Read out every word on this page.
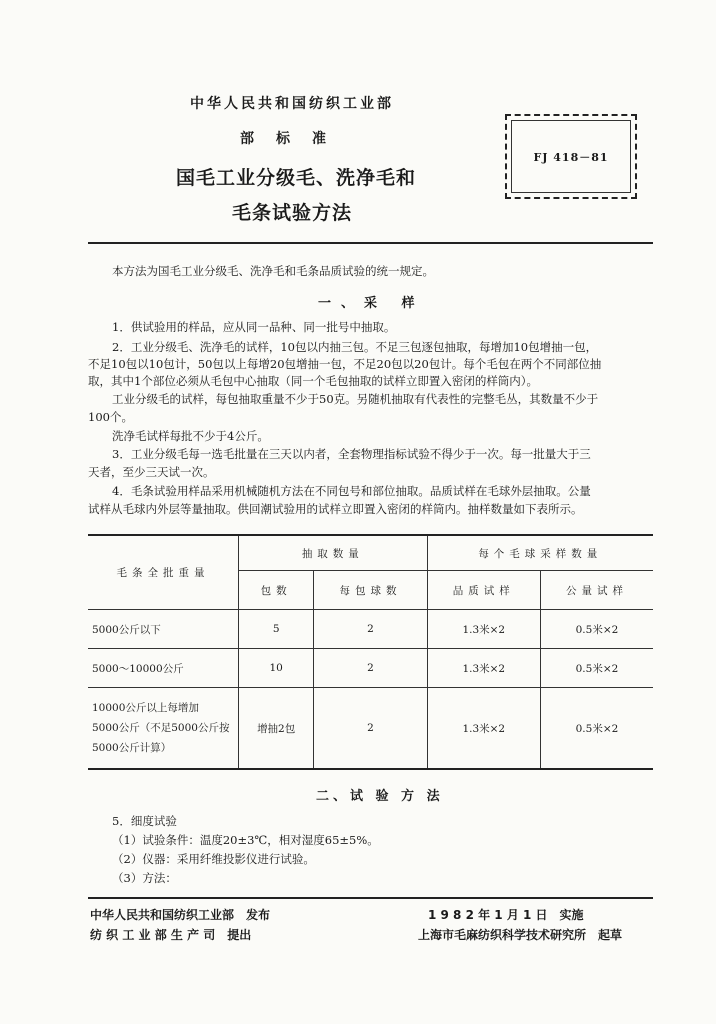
中华人民共和国纺织工业部
部标准
国毛工业分级毛、洗净毛和
毛条试验方法
FJ 418－81

本方法为国毛工业分级毛、洗净毛和毛条品质试验的统一规定。

一、采 样

1．供试验用的样品，应从同一品种、同一批号中抽取。

2．工业分级毛、洗净毛的试样，10包以内抽三包。不足三包逐包抽取，每增加10包增抽一包，

不足10包以10包计，50包以上每增20包增抽一包，不足20包以20包计。每个毛包在两个不同部位抽

取，其中1个部位必须从毛包中心抽取（同一个毛包抽取的试样立即置入密闭的样筒内）。

工业分级毛的试样，每包抽取重量不少于50克。另随机抽取有代表性的完整毛丛，其数量不少于

100个。

洗净毛试样每批不少于4公斤。

3．工业分级毛每一选毛批量在三天以内者，全套物理指标试验不得少于一次。每一批量大于三

天者，至少三天试一次。

4．毛条试验用样品采用机械随机方法在不同包号和部位抽取。品质试样在毛球外层抽取。公量

试样从毛球内外层等量抽取。供回潮试验用的试样立即置入密闭的样筒内。抽样数量如下表所示。

毛条全批重量	抽取数量		每个毛球采样数量	
	包数	每包球数	品质试样	公量试样
5000公斤以下	5	2	1.3米×2	0.5米×2
5000～10000公斤	10	2	1.3米×2	0.5米×2

10000公斤以上每增加
5000公斤（不足5000公斤按
5000公斤计算）	增抽2包	2	1.3米×2	0.5米×2
二、试 验 方 法

5．细度试验

（1）试验条件：温度20±3℃，相对湿度65±5%。

（2）仪器：采用纤维投影仪进行试验。

（3）方法：

中华人民共和国纺织工业部　发布
纺 织 工 业 部 生 产 司　提出
1 9 8 2 年 1 月 1 日　实施
上海市毛麻纺织科学技术研究所　起草
